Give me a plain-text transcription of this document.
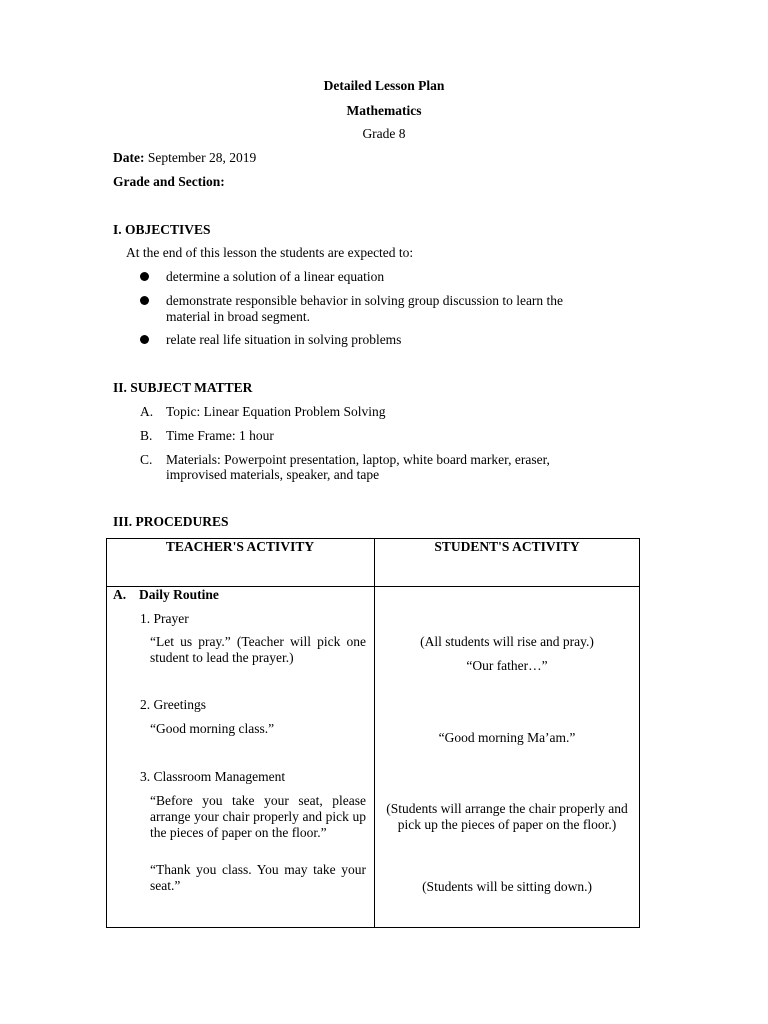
Detailed Lesson Plan
Mathematics
Grade 8
Date: September 28, 2019
Grade and Section:
I. OBJECTIVES
At the end of this lesson the students are expected to:
determine a solution of a linear equation
demonstrate responsible behavior in solving group discussion to learn the
material in broad segment.
relate real life situation in solving problems
II. SUBJECT MATTER
A. Topic: Linear Equation Problem Solving
B. Time Frame: 1 hour
C. Materials: Powerpoint presentation, laptop, white board marker, eraser,
improvised materials, speaker, and tape
III. PROCEDURES
TEACHER'S ACTIVITY	STUDENT'S ACTIVITY
A. Daily Routine
1. Prayer
“Let us pray.” (Teacher will pick one student to lead the prayer.)
(All students will rise and pray.)
“Our father…”
2. Greetings
“Good morning class.”
“Good morning Ma’am.”
3. Classroom Management
“Before you take your seat, please arrange your chair properly and pick up the pieces of paper on the floor.”
(Students will arrange the chair properly and pick up the pieces of paper on the floor.)
“Thank you class. You may take your seat.”	(Students will be sitting down.)
